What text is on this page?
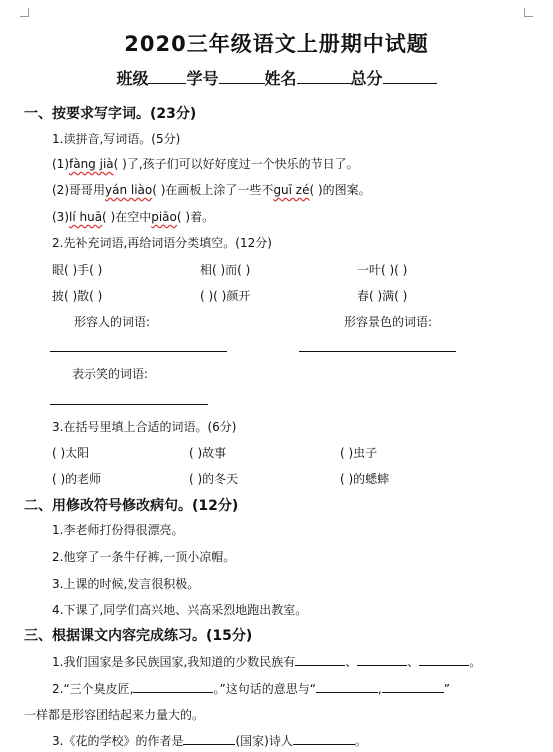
2020三年级语文上册期中试题
班级 学号	姓名	总分
一、按要求写字词。(23分)
1.读拼音,写词语。(5分)
(1)fàng jià( )了,孩子们可以好好度过一个快乐的节日了。
(2)哥哥用yán liào( )在画板上涂了一些不guī zé( )的图案。
(3)lí huā( )在空中piāo( )着。
2.先补充词语,再给词语分类填空。(12分)
眼( )手( )	相( )而( )	一叶( )( )
披( )散( )	( )( )颜开	春( )满( )
形容人的词语:	形容景色的词语:
表示笑的词语:
3.在括号里填上合适的词语。(6分)
( )太阳	( )故事	( )虫子
( )的老师	( )的冬天	( )的蟋蟀
二、用修改符号修改病句。(12分)
1.李老师打份得很漂亮。
2.他穿了一条牛仔裤,一顶小凉帽。
3.上课的时候,发言很积极。
4.下课了,同学们高兴地、兴高采烈地跑出教室。
三、根据课文内容完成练习。(15分)
1.我们国家是多民族国家,我知道的少数民族有	、	、	。
2.“三个臭皮匠,	。”这句话的意思与“	,	”
一样都是形容团结起来力量大的。
3.《花的学校》的作者是	(国家)诗人	。
